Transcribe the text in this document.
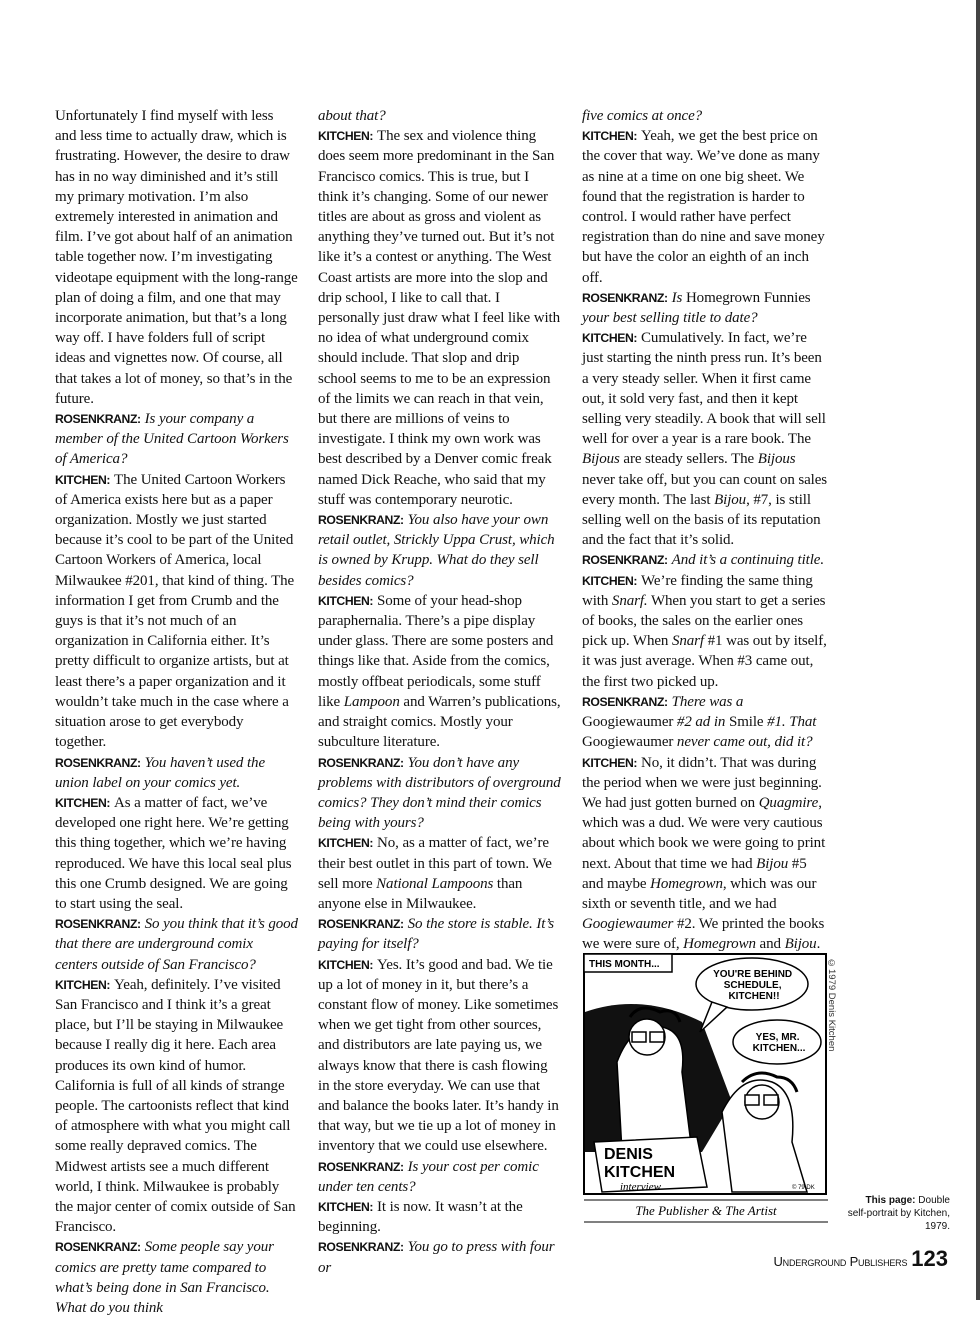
Unfortunately I find myself with less and less time to actually draw, which is frustrating. However, the desire to draw has in no way diminished and it’s still my primary motivation. I’m also extremely interested in animation and film. I’ve got about half of an animation table together now. I’m investigating videotape equipment with the long-range plan of doing a film, and one that may incorporate animation, but that’s a long way off. I have folders full of script ideas and vignettes now. Of course, all that takes a lot of money, so that’s in the future.

ROSENKRANZ: Is your company a member of the United Cartoon Workers of America?

KITCHEN: The United Cartoon Workers of America exists here but as a paper organization. Mostly we just started because it’s cool to be part of the United Cartoon Workers of America, local Milwaukee #201, that kind of thing. The information I get from Crumb and the guys is that it’s not much of an organization in California either. It’s pretty difficult to organize artists, but at least there’s a paper organization and it wouldn’t take much in the case where a situation arose to get everybody together.

ROSENKRANZ: You haven’t used the union label on your comics yet.

KITCHEN: As a matter of fact, we’ve developed one right here. We’re getting this thing together, which we’re having reproduced. We have this local seal plus this one Crumb designed. We are going to start using the seal.

ROSENKRANZ: So you think that it’s good that there are underground comix centers outside of San Francisco?

KITCHEN: Yeah, definitely. I’ve visited San Francisco and I think it’s a great place, but I’ll be staying in Milwaukee because I really dig it here. Each area produces its own kind of humor. California is full of all kinds of strange people. The cartoonists reflect that kind of atmosphere with what you might call some really depraved comics. The Midwest artists see a much different world, I think. Milwaukee is probably the major center of comix outside of San Francisco.

ROSENKRANZ: Some people say your comics are pretty tame compared to what’s being done in San Francisco. What do you think

about that?

KITCHEN: The sex and violence thing does seem more predominant in the San Francisco comics. This is true, but I think it’s changing. Some of our newer titles are about as gross and violent as anything they’ve turned out. But it’s not like it’s a contest or anything. The West Coast artists are more into the slop and drip school, I like to call that. I personally just draw what I feel like with no idea of what underground comix should include. That slop and drip school seems to me to be an expression of the limits we can reach in that vein, but there are millions of veins to investigate. I think my own work was best described by a Denver comic freak named Dick Reache, who said that my stuff was contemporary neurotic.

ROSENKRANZ: You also have your own retail outlet, Strickly Uppa Crust, which is owned by Krupp. What do they sell besides comics?

KITCHEN: Some of your head-shop paraphernalia. There’s a pipe display under glass. There are some posters and things like that. Aside from the comics, mostly offbeat periodicals, some stuff like Lampoon and Warren’s publications, and straight comics. Mostly your subculture literature.

ROSENKRANZ: You don’t have any problems with distributors of overground comics? They don’t mind their comics being with yours?

KITCHEN: No, as a matter of fact, we’re their best outlet in this part of town. We sell more National Lampoons than anyone else in Milwaukee.

ROSENKRANZ: So the store is stable. It’s paying for itself?

KITCHEN: Yes. It’s good and bad. We tie up a lot of money in it, but there’s a constant flow of money. Like sometimes when we get tight from other sources, and distributors are late paying us, we always know that there is cash flowing in the store everyday. We can use that and balance the books later. It’s handy in that way, but we tie up a lot of money in inventory that we could use elsewhere.

ROSENKRANZ: Is your cost per comic under ten cents?

KITCHEN: It is now. It wasn’t at the beginning.

ROSENKRANZ: You go to press with four or

five comics at once?

KITCHEN: Yeah, we get the best price on the cover that way. We’ve done as many as nine at a time on one big sheet. We found that the registration is harder to control. I would rather have perfect registration than do nine and save money but have the color an eighth of an inch off.

ROSENKRANZ: Is Homegrown Funnies your best selling title to date?

KITCHEN: Cumulatively. In fact, we’re just starting the ninth press run. It’s been a very steady seller. When it first came out, it sold very fast, and then it kept selling very steadily. A book that will sell well for over a year is a rare book. The Bijous are steady sellers. The Bijous never take off, but you can count on sales every month. The last Bijou, #7, is still selling well on the basis of its reputation and the fact that it’s solid.

ROSENKRANZ: And it’s a continuing title.

KITCHEN: We’re finding the same thing with Snarf. When you start to get a series of books, the sales on the earlier ones pick up. When Snarf #1 was out by itself, it was just average. When #3 came out, the first two picked up.

ROSENKRANZ: There was a Googiewaumer #2 ad in Smile #1. That Googiewaumer never came out, did it?

KITCHEN: No, it didn’t. That was during the period when we were just beginning. We had just gotten burned on Quagmire, which was a dud. We were very cautious about which book we were going to print next. About that time we had Bijou #5 and maybe Homegrown, which was our sixth or seventh title, and we had Googiewaumer #2. We printed the books we were sure of, Homegrown and Bijou.

THIS MONTH...
YOU'RE BEHIND SCHEDULE, KITCHEN!!
YES, MR. KITCHEN...
DENIS KITCHEN
interview	© 79 DK
The Publisher & The Artist
©1979 Denis Kitchen
This page: Double self-portrait by Kitchen, 1979.
Underground Publishers 123
